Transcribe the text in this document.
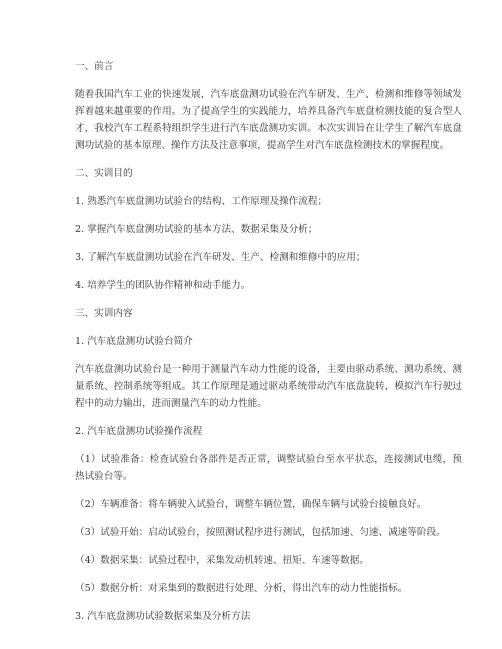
一、前言

随着我国汽车工业的快速发展，汽车底盘测功试验在汽车研发、生产、检测和维修等领域发挥着越来越重要的作用。为了提高学生的实践能力，培养具备汽车底盘检测技能的复合型人才，我校汽车工程系特组织学生进行汽车底盘测功实训。本次实训旨在让学生了解汽车底盘测功试验的基本原理、操作方法及注意事项，提高学生对汽车底盘检测技术的掌握程度。

二、实训目的

1. 熟悉汽车底盘测功试验台的结构、工作原理及操作流程；

2. 掌握汽车底盘测功试验的基本方法、数据采集及分析；

3. 了解汽车底盘测功试验在汽车研发、生产、检测和维修中的应用；

4. 培养学生的团队协作精神和动手能力。

三、实训内容

1. 汽车底盘测功试验台简介

汽车底盘测功试验台是一种用于测量汽车动力性能的设备，主要由驱动系统、测功系统、测量系统、控制系统等组成。其工作原理是通过驱动系统带动汽车底盘旋转，模拟汽车行驶过程中的动力输出，进而测量汽车的动力性能。

2. 汽车底盘测功试验操作流程

（1）试验准备：检查试验台各部件是否正常，调整试验台至水平状态，连接测试电缆，预热试验台等。

（2）车辆准备：将车辆驶入试验台，调整车辆位置，确保车辆与试验台接触良好。

（3）试验开始：启动试验台，按照测试程序进行测试，包括加速、匀速、减速等阶段。

（4）数据采集：试验过程中，采集发动机转速、扭矩、车速等数据。

（5）数据分析：对采集到的数据进行处理、分析，得出汽车的动力性能指标。

3. 汽车底盘测功试验数据采集及分析方法
